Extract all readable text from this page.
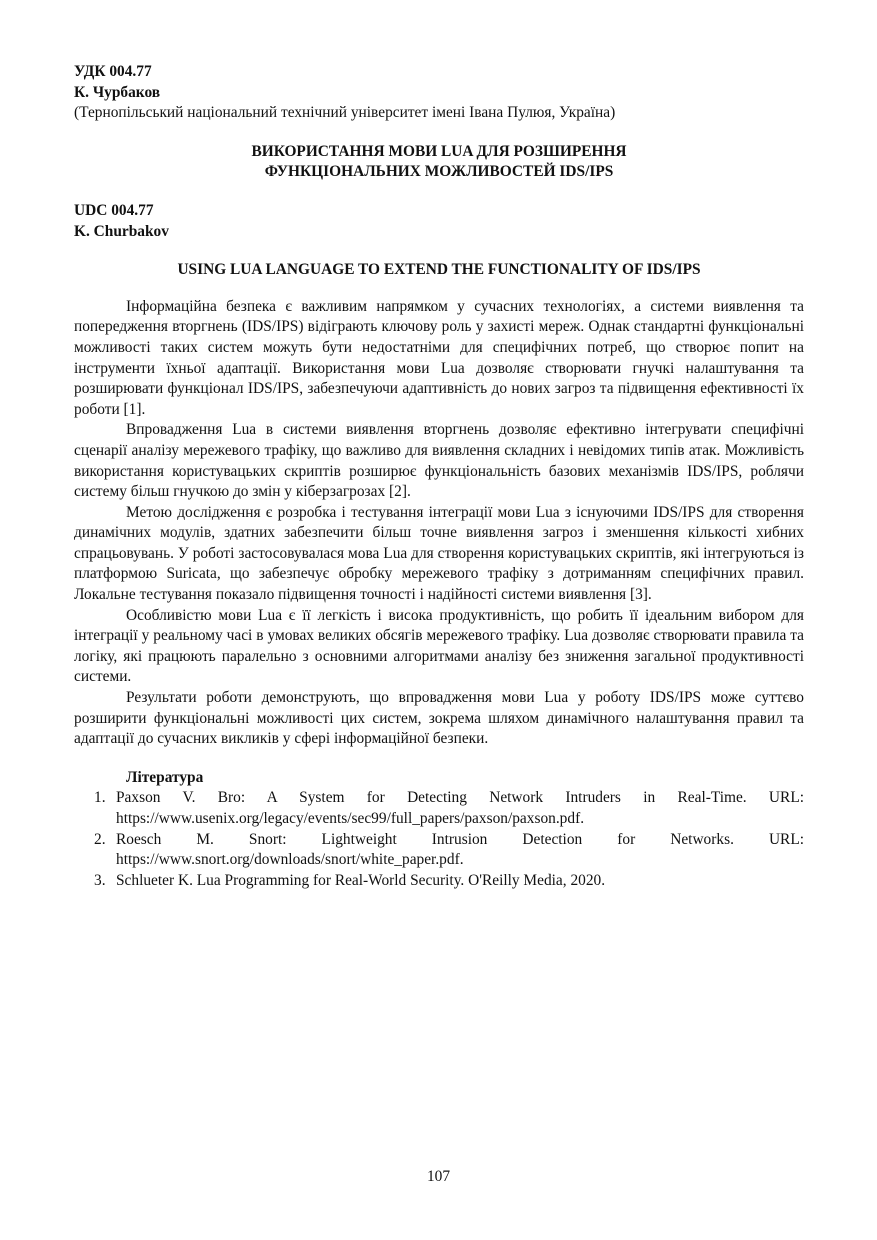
УДК 004.77
К. Чурбаков
(Тернопільський національний технічний університет імені Івана Пулюя, Україна)
ВИКОРИСТАННЯ МОВИ LUA ДЛЯ РОЗШИРЕННЯ
ФУНКЦІОНАЛЬНИХ МОЖЛИВОСТЕЙ IDS/IPS
UDC 004.77
K. Churbakov
USING LUA LANGUAGE TO EXTEND THE FUNCTIONALITY OF IDS/IPS

Інформаційна безпека є важливим напрямком у сучасних технологіях, а системи виявлення та попередження вторгнень (IDS/IPS) відіграють ключову роль у захисті мереж. Однак стандартні функціональні можливості таких систем можуть бути недостатніми для специфічних потреб, що створює попит на інструменти їхньої адаптації. Використання мови Lua дозволяє створювати гнучкі налаштування та розширювати функціонал IDS/IPS, забезпечуючи адаптивність до нових загроз та підвищення ефективності їх роботи [1].

Впровадження Lua в системи виявлення вторгнень дозволяє ефективно інтегрувати специфічні сценарії аналізу мережевого трафіку, що важливо для виявлення складних і невідомих типів атак. Можливість використання користувацьких скриптів розширює функціональність базових механізмів IDS/IPS, роблячи систему більш гнучкою до змін у кіберзагрозах [2].

Метою дослідження є розробка і тестування інтеграції мови Lua з існуючими IDS/IPS для створення динамічних модулів, здатних забезпечити більш точне виявлення загроз і зменшення кількості хибних спрацьовувань. У роботі застосовувалася мова Lua для створення користувацьких скриптів, які інтегруються із платформою Suricata, що забезпечує обробку мережевого трафіку з дотриманням специфічних правил. Локальне тестування показало підвищення точності і надійності системи виявлення [3].

Особливістю мови Lua є її легкість і висока продуктивність, що робить її ідеальним вибором для інтеграції у реальному часі в умовах великих обсягів мережевого трафіку. Lua дозволяє створювати правила та логіку, які працюють паралельно з основними алгоритмами аналізу без зниження загальної продуктивності системи.

Результати роботи демонструють, що впровадження мови Lua у роботу IDS/IPS може суттєво розширити функціональні можливості цих систем, зокрема шляхом динамічного налаштування правил та адаптації до сучасних викликів у сфері інформаційної безпеки.

Література
1. Paxson V. Bro: A System for Detecting Network Intruders in Real-Time. URL: https://www.usenix.org/legacy/events/sec99/full_papers/paxson/paxson.pdf.
2. Roesch M. Snort: Lightweight Intrusion Detection for Networks. URL: https://www.snort.org/downloads/snort/white_paper.pdf.
3. Schlueter K. Lua Programming for Real-World Security. O'Reilly Media, 2020.
107
